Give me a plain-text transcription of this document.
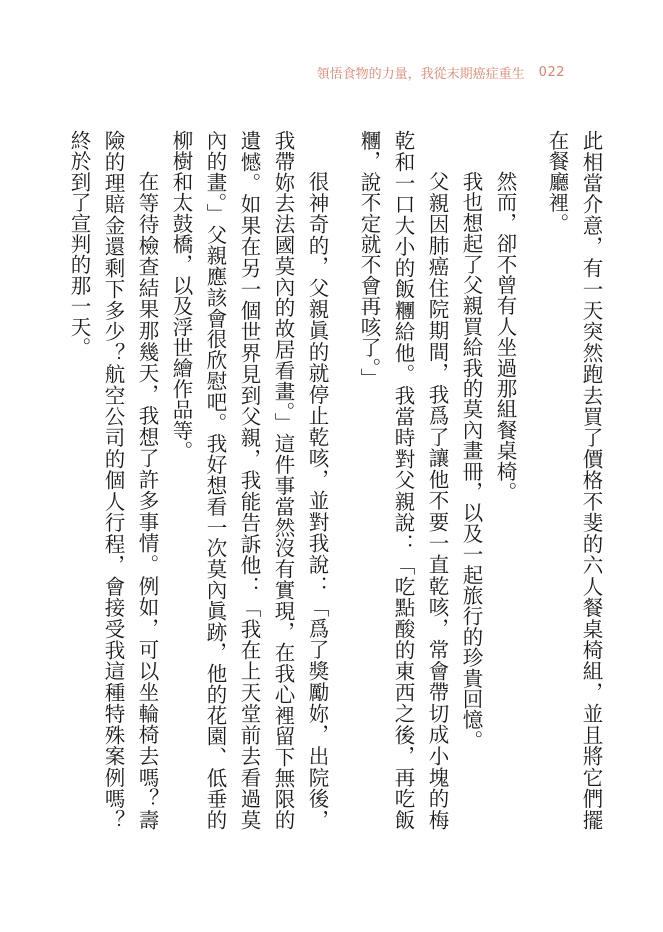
領悟食物的力量，我從末期癌症重生 022

此相當介意，有一天突然跑去買了價格不斐的六人餐桌椅組，並且將它們擺在餐廳裡。

然而，卻不曾有人坐過那組餐桌椅。

我也想起了父親買給我的莫內畫冊，以及一起旅行的珍貴回憶。

父親因肺癌住院期間，我爲了讓他不要一直乾咳，常會帶切成小塊的梅乾和一口大小的飯糰給他。我當時對父親說：「吃點酸的東西之後，再吃飯糰，說不定就不會再咳了。」

很神奇的，父親眞的就停止乾咳，並對我說：「爲了獎勵妳，出院後，我帶妳去法國莫內的故居看畫。」這件事當然沒有實現，在我心裡留下無限的遺憾。如果在另一個世界見到父親，我能告訴他：「我在上天堂前去看過莫內的畫。」父親應該會很欣慰吧。我好想看一次莫內眞跡，他的花園、低垂的柳樹和太鼓橋，以及浮世繪作品等。

在等待檢查結果那幾天，我想了許多事情。例如，可以坐輪椅去嗎？壽險的理賠金還剩下多少？航空公司的個人行程，會接受我這種特殊案例嗎？終於到了宣判的那一天。
